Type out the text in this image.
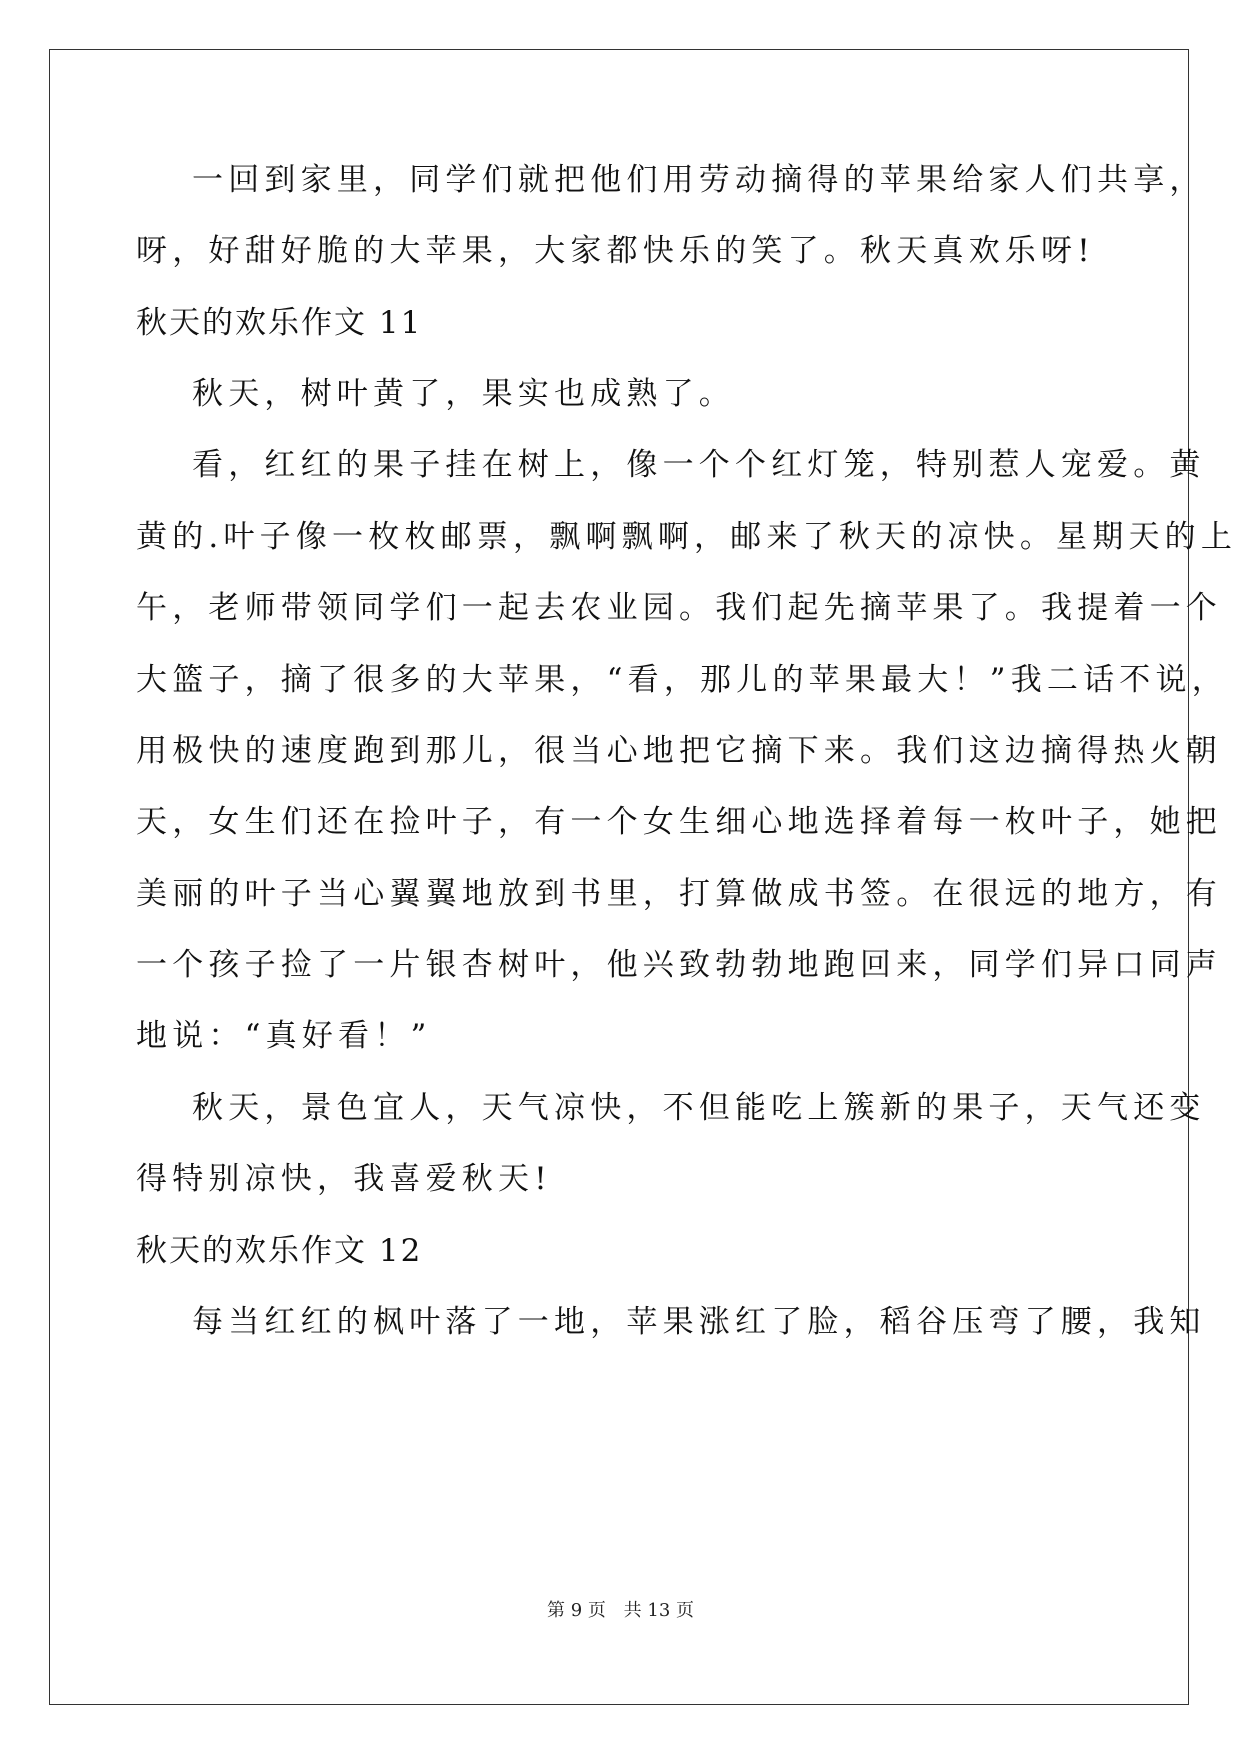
一回到家里，同学们就把他们用劳动摘得的苹果给家人们共享，
呀，好甜好脆的大苹果，大家都快乐的笑了。秋天真欢乐呀!
秋天的欢乐作文 11
秋天，树叶黄了，果实也成熟了。
看，红红的果子挂在树上，像一个个红灯笼，特别惹人宠爱。黄
黄的.叶子像一枚枚邮票，飘啊飘啊，邮来了秋天的凉快。星期天的上
午，老师带领同学们一起去农业园。我们起先摘苹果了。我提着一个
大篮子，摘了很多的大苹果，“看，那儿的苹果最大！”我二话不说，
用极快的速度跑到那儿，很当心地把它摘下来。我们这边摘得热火朝
天，女生们还在捡叶子，有一个女生细心地选择着每一枚叶子，她把
美丽的叶子当心翼翼地放到书里，打算做成书签。在很远的地方，有
一个孩子捡了一片银杏树叶，他兴致勃勃地跑回来，同学们异口同声
地说：“真好看！”
秋天，景色宜人，天气凉快，不但能吃上簇新的果子，天气还变
得特别凉快，我喜爱秋天!
秋天的欢乐作文 12
每当红红的枫叶落了一地，苹果涨红了脸，稻谷压弯了腰，我知
第 9 页 共 13 页
